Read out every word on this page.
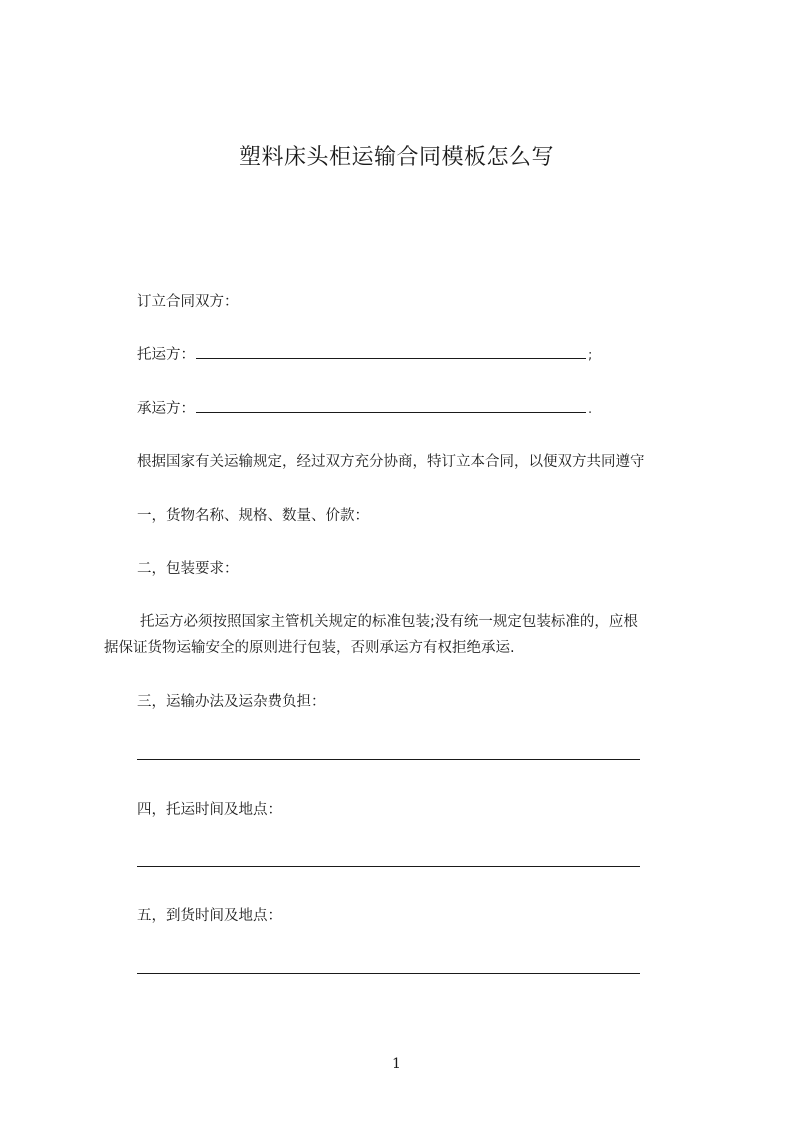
塑料床头柜运输合同模板怎么写
订立合同双方：
托运方：	;
承运方：	.
根据国家有关运输规定，经过双方充分协商，特订立本合同，以便双方共同遵守
一，货物名称、规格、数量、价款：
二，包装要求：
托运方必须按照国家主管机关规定的标准包装;没有统一规定包装标准的，应根
据保证货物运输安全的原则进行包装，否则承运方有权拒绝承运.
三，运输办法及运杂费负担：
四，托运时间及地点：
五，到货时间及地点：
1
